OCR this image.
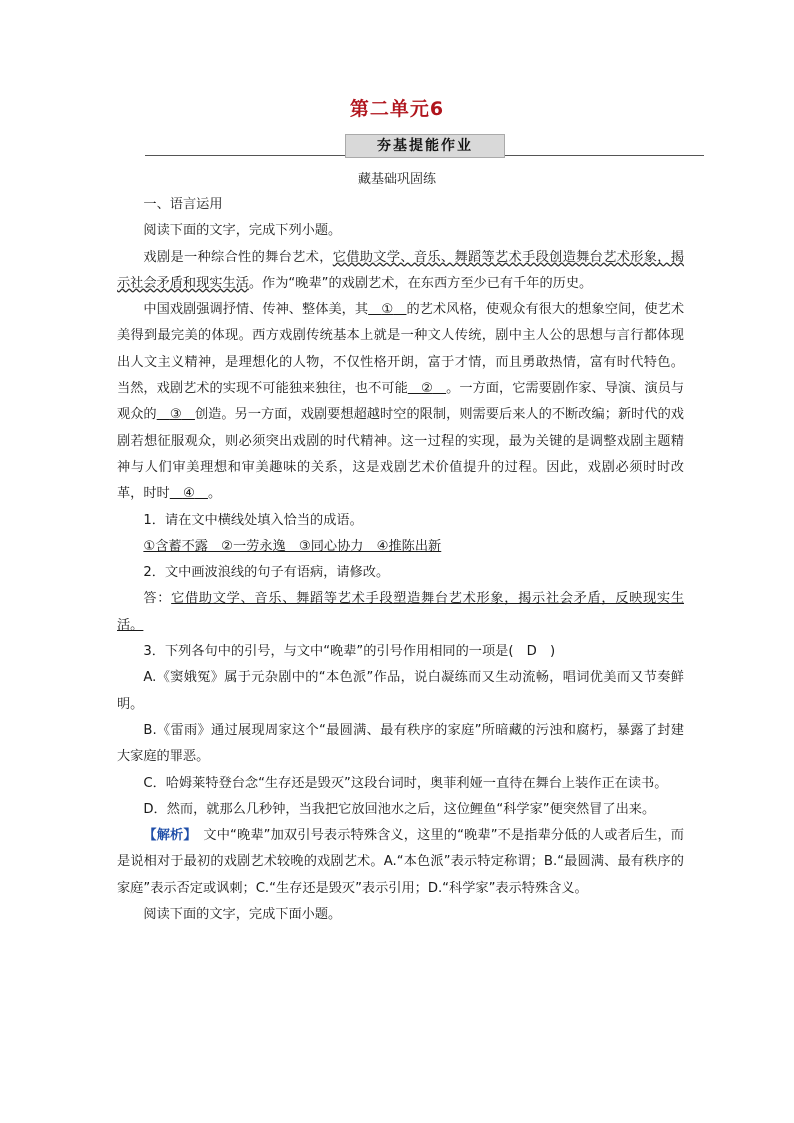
第二单元6
夯基提能作业
藏基础巩固练

一、语言运用

阅读下面的文字，完成下列小题。

戏剧是一种综合性的舞台艺术，它借助文学、音乐、舞蹈等艺术手段创造舞台艺术形象，揭示社会矛盾和现实生活。作为“晚辈”的戏剧艺术，在东西方至少已有千年的历史。

中国戏剧强调抒情、传神、整体美，其　 ①　 的艺术风格，使观众有很大的想象空间，使艺术美得到最完美的体现。西方戏剧传统基本上就是一种文人传统，剧中主人公的思想与言行都体现出人文主义精神，是理想化的人物，不仅性格开朗，富于才情，而且勇敢热情，富有时代特色。当然，戏剧艺术的实现不可能独来独往，也不可能　 ②　 。一方面，它需要剧作家、导演、演员与观众的　 ③　 创造。另一方面，戏剧要想超越时空的限制，则需要后来人的不断改编；新时代的戏剧若想征服观众，则必须突出戏剧的时代精神。这一过程的实现，最为关键的是调整戏剧主题精神与人们审美理想和审美趣味的关系，这是戏剧艺术价值提升的过程。因此，戏剧必须时时改革，时时　 ④　 。

1．请在文中横线处填入恰当的成语。

①含蓄不露　②一劳永逸　③同心协力　④推陈出新

2．文中画波浪线的句子有语病，请修改。

答：它借助文学、音乐、舞蹈等艺术手段塑造舞台艺术形象，揭示社会矛盾，反映现实生活。

3．下列各句中的引号，与文中“晚辈”的引号作用相同的一项是(　D　)

A.《窦娥冤》属于元杂剧中的“本色派”作品，说白凝练而又生动流畅，唱词优美而又节奏鲜明。

B.《雷雨》通过展现周家这个“最圆满、最有秩序的家庭”所暗藏的污浊和腐朽，暴露了封建大家庭的罪恶。

C．哈姆莱特登台念“生存还是毁灭”这段台词时，奥菲利娅一直待在舞台上装作正在读书。

D．然而，就那么几秒钟，当我把它放回池水之后，这位鲤鱼“科学家”便突然冒了出来。

【解析】　文中“晚辈”加双引号表示特殊含义，这里的“晚辈”不是指辈分低的人或者后生，而是说相对于最初的戏剧艺术较晚的戏剧艺术。A.“本色派”表示特定称谓；B.“最圆满、最有秩序的家庭”表示否定或讽刺；C.“生存还是毁灭”表示引用；D.“科学家”表示特殊含义。

阅读下面的文字，完成下面小题。
